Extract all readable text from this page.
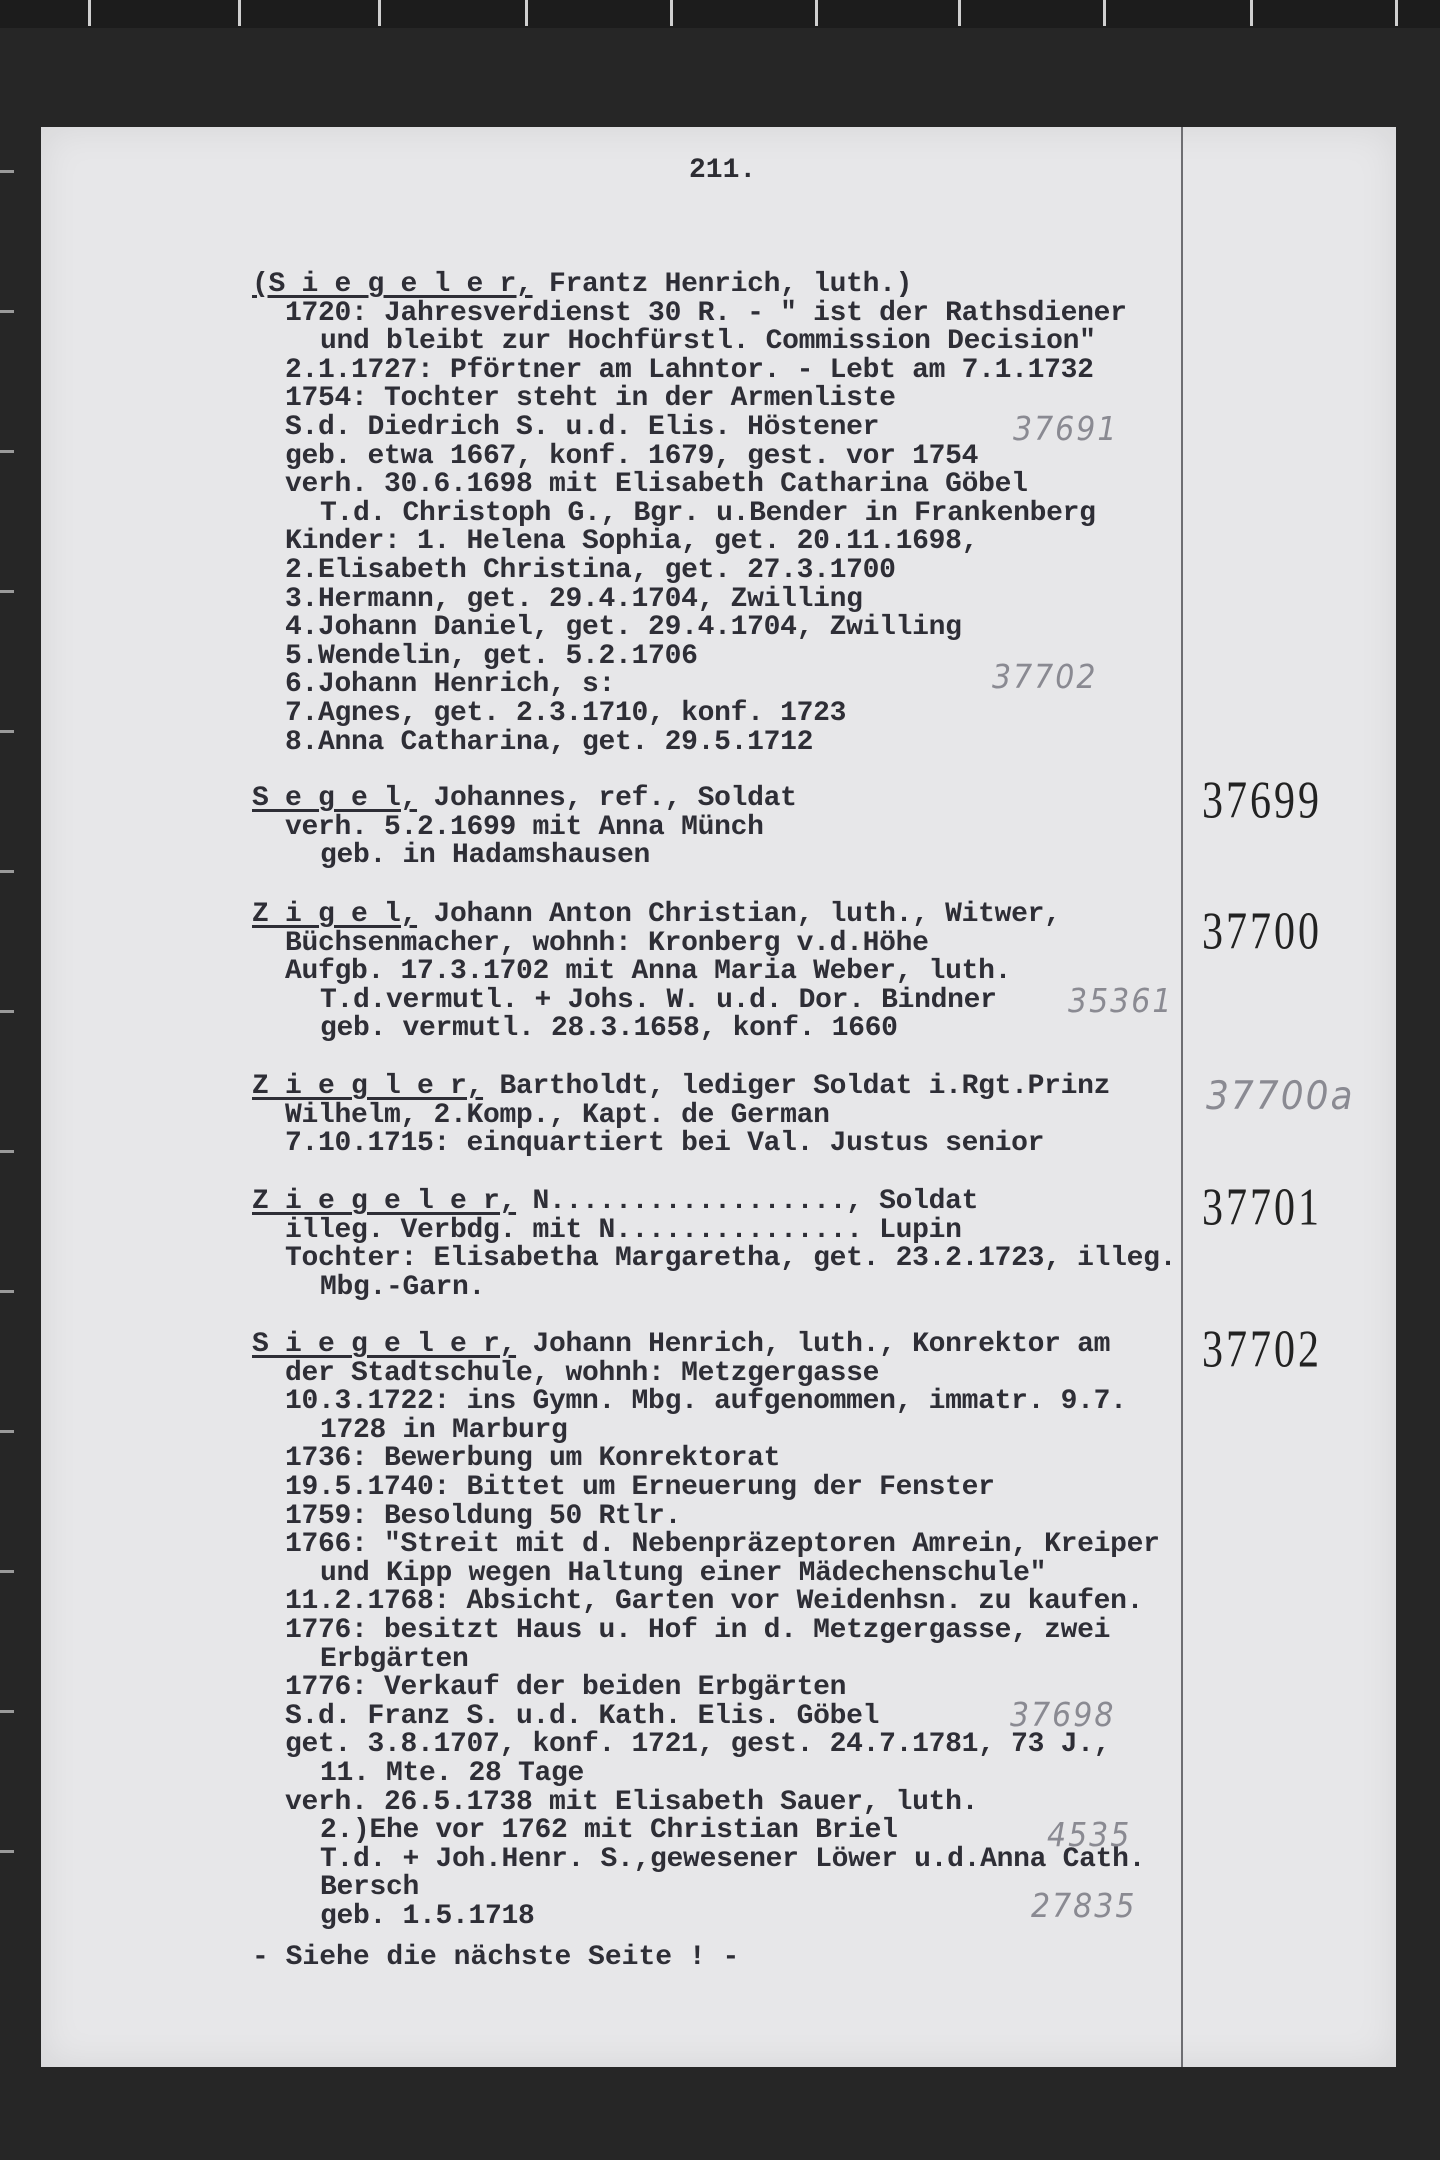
211.
(S i e g e l e r, Frantz Henrich, luth.)
1720: Jahresverdienst 30 R. - " ist der Rathsdiener
und bleibt zur Hochfürstl. Commission Decision"
2.1.1727: Pförtner am Lahntor. - Lebt am 7.1.1732
1754: Tochter steht in der Armenliste
S.d. Diedrich S. u.d. Elis. Höstener
geb. etwa 1667, konf. 1679, gest. vor 1754
verh. 30.6.1698 mit Elisabeth Catharina Göbel
T.d. Christoph G., Bgr. u.Bender in Frankenberg
Kinder: 1. Helena Sophia, get. 20.11.1698,
2.Elisabeth Christina, get. 27.3.1700
3.Hermann, get. 29.4.1704, Zwilling
4.Johann Daniel, get. 29.4.1704, Zwilling
5.Wendelin, get. 5.2.1706
6.Johann Henrich, s:
7.Agnes, get. 2.3.1710, konf. 1723
8.Anna Catharina, get. 29.5.1712
S e g e l, Johannes, ref., Soldat
verh. 5.2.1699 mit Anna Münch
geb. in Hadamshausen
Z i g e l, Johann Anton Christian, luth., Witwer,
Büchsenmacher, wohnh: Kronberg v.d.Höhe
Aufgb. 17.3.1702 mit Anna Maria Weber, luth.
T.d.vermutl. + Johs. W. u.d. Dor. Bindner
geb. vermutl. 28.3.1658, konf. 1660
Z i e g l e r, Bartholdt, lediger Soldat i.Rgt.Prinz
Wilhelm, 2.Komp., Kapt. de German
7.10.1715: einquartiert bei Val. Justus senior
Z i e g e l e r, N.................., Soldat
illeg. Verbdg. mit N............... Lupin
Tochter: Elisabetha Margaretha, get. 23.2.1723, illeg.
Mbg.-Garn.
S i e g e l e r, Johann Henrich, luth., Konrektor am
der Stadtschule, wohnh: Metzgergasse
10.3.1722: ins Gymn. Mbg. aufgenommen, immatr. 9.7.
1728 in Marburg
1736: Bewerbung um Konrektorat
19.5.1740: Bittet um Erneuerung der Fenster
1759: Besoldung 50 Rtlr.
1766: "Streit mit d. Nebenpräzeptoren Amrein, Kreiper
und Kipp wegen Haltung einer Mädechenschule"
11.2.1768: Absicht, Garten vor Weidenhsn. zu kaufen.
1776: besitzt Haus u. Hof in d. Metzgergasse, zwei
Erbgärten
1776: Verkauf der beiden Erbgärten
S.d. Franz S. u.d. Kath. Elis. Göbel
get. 3.8.1707, konf. 1721, gest. 24.7.1781, 73 J.,
11. Mte. 28 Tage
verh. 26.5.1738 mit Elisabeth Sauer, luth.
2.)Ehe vor 1762 mit Christian Briel
T.d. + Joh.Henr. S.,gewesener Löwer u.d.Anna Cath.
Bersch
geb. 1.5.1718
37699
37700
37701
37702
37691
37702
35361
37700a
37698
4535
27835
- Siehe die nächste Seite ! -
